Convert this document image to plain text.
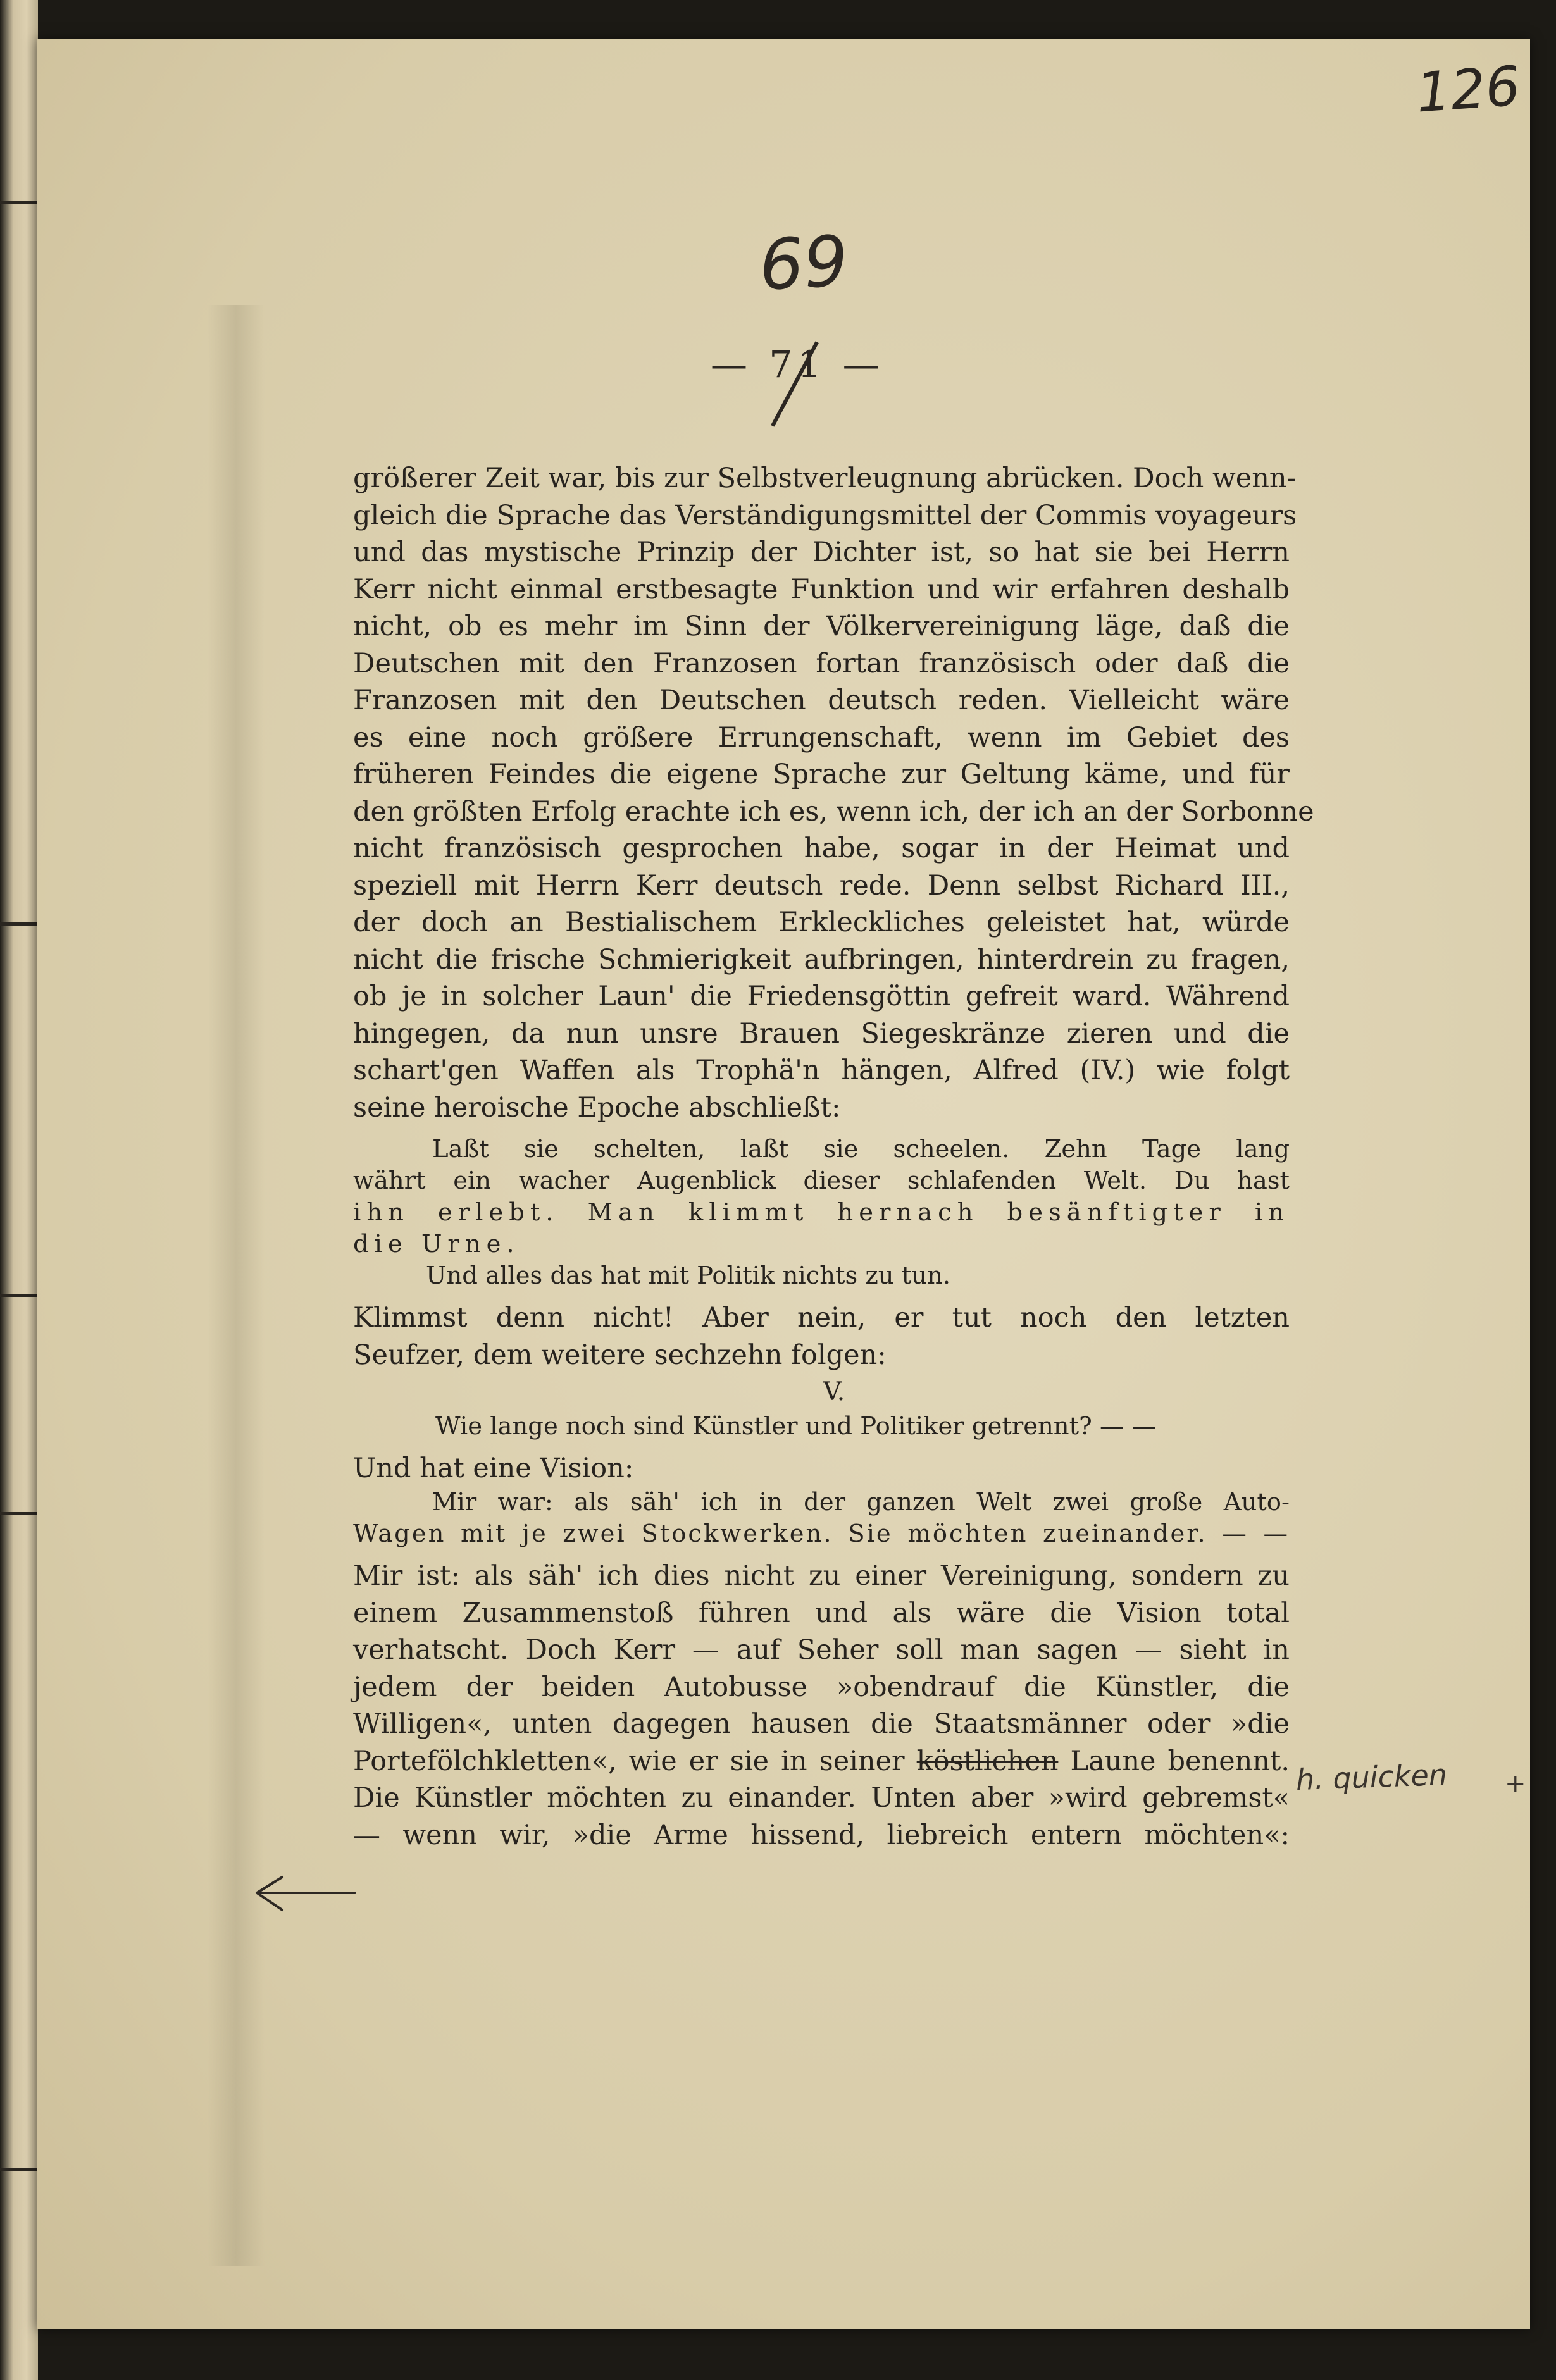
126
69
— 71 —
größerer Zeit war, bis zur Selbstverleugnung abrücken. Doch wenn-
gleich die Sprache das Verständigungsmittel der Commis voyageurs
und das mystische Prinzip der Dichter ist, so hat sie bei Herrn
Kerr nicht einmal erstbesagte Funktion und wir erfahren deshalb
nicht, ob es mehr im Sinn der Völkervereinigung läge, daß die
Deutschen mit den Franzosen fortan französisch oder daß die
Franzosen mit den Deutschen deutsch reden. Vielleicht wäre
es eine noch größere Errungenschaft, wenn im Gebiet des
früheren Feindes die eigene Sprache zur Geltung käme, und für
den größten Erfolg erachte ich es, wenn ich, der ich an der Sorbonne
nicht französisch gesprochen habe, sogar in der Heimat und
speziell mit Herrn Kerr deutsch rede. Denn selbst Richard III.,
der doch an Bestialischem Erkleckliches geleistet hat, würde
nicht die frische Schmierigkeit aufbringen, hinterdrein zu fragen,
ob je in solcher Laun' die Friedensgöttin gefreit ward. Während
hingegen, da nun unsre Brauen Siegeskränze zieren und die
schart'gen Waffen als Trophä'n hängen, Alfred (IV.) wie folgt
seine heroische Epoche abschließt:
Laßt sie schelten, laßt sie scheelen. Zehn Tage lang
währt ein wacher Augenblick dieser schlafenden Welt. Du hast
ihn erlebt. Man klimmt hernach besänftigter in
die Urne.
Und alles das hat mit Politik nichts zu tun.
Klimmst denn nicht! Aber nein, er tut noch den letzten
Seufzer, dem weitere sechzehn folgen:
V.
Wie lange noch sind Künstler und Politiker getrennt? — —
Und hat eine Vision:
Mir war: als säh' ich in der ganzen Welt zwei große Auto-
Wagen mit je zwei Stockwerken. Sie möchten zueinander. — —
Mir ist: als säh' ich dies nicht zu einer Vereinigung, sondern zu
einem Zusammenstoß führen und als wäre die Vision total
verhatscht. Doch Kerr — auf Seher soll man sagen — sieht in
jedem der beiden Autobusse »obendrauf die Künstler, die
Willigen«, unten dagegen hausen die Staatsmänner oder »die
Portefölchkletten«, wie er sie in seiner köstlichen Laune benennt.
Die Künstler möchten zu einander. Unten aber »wird gebremst«
— wenn wir, »die Arme hissend, liebreich entern möchten«:
h. quicken +
